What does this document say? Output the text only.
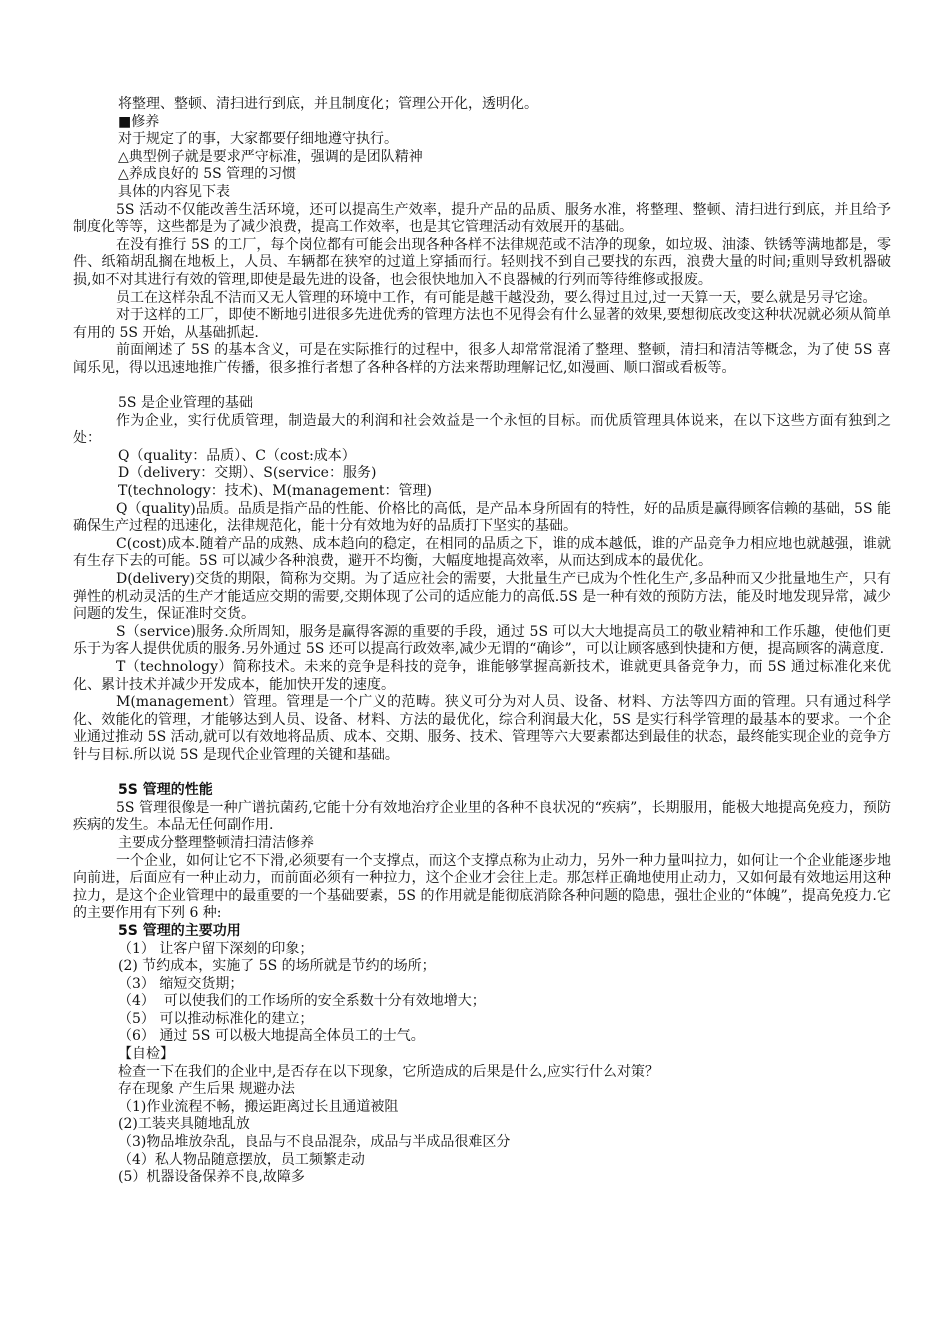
将整理、整顿、清扫进行到底，并且制度化；管理公开化，透明化。
■修养
对于规定了的事，大家都要仔细地遵守执行。
△典型例子就是要求严守标准，强调的是团队精神
△养成良好的 5S 管理的习惯
具体的内容见下表
5S 活动不仅能改善生活环境，还可以提高生产效率，提升产品的品质、服务水准，将整理、整顿、清扫进行到底，并且给予制度化等等，这些都是为了减少浪费，提高工作效率，也是其它管理活动有效展开的基础。
在没有推行 5S 的工厂，每个岗位都有可能会出现各种各样不法律规范或不洁净的现象，如垃圾、油漆、铁锈等满地都是，零件、纸箱胡乱搁在地板上，人员、车辆都在狭窄的过道上穿插而行。轻则找不到自己要找的东西，浪费大量的时间;重则导致机器破损,如不对其进行有效的管理,即使是最先进的设备，也会很快地加入不良器械的行列而等待维修或报废。
员工在这样杂乱不洁而又无人管理的环境中工作，有可能是越干越没劲，要么得过且过,过一天算一天，要么就是另寻它途。
对于这样的工厂，即使不断地引进很多先进优秀的管理方法也不见得会有什么显著的效果,要想彻底改变这种状况就必须从简单有用的 5S 开始，从基础抓起.
前面阐述了 5S 的基本含义，可是在实际推行的过程中，很多人却常常混淆了整理、整顿，清扫和清洁等概念，为了使 5S 喜闻乐见，得以迅速地推广传播，很多推行者想了各种各样的方法来帮助理解记忆,如漫画、顺口溜或看板等。
5S 是企业管理的基础
作为企业，实行优质管理，制造最大的利润和社会效益是一个永恒的目标。而优质管理具体说来，在以下这些方面有独到之处：
Q（quality：品质）、C（cost:成本）
D（delivery：交期）、S(service：服务)
T(technology：技术)、M(management：管理)
Q（quality)品质。品质是指产品的性能、价格比的高低，是产品本身所固有的特性，好的品质是赢得顾客信赖的基础，5S 能确保生产过程的迅速化，法律规范化，能十分有效地为好的品质打下坚实的基础。
C(cost)成本.随着产品的成熟、成本趋向的稳定，在相同的品质之下，谁的成本越低，谁的产品竞争力相应地也就越强，谁就有生存下去的可能。5S 可以减少各种浪费，避开不均衡，大幅度地提高效率，从而达到成本的最优化。
D(delivery)交货的期限，简称为交期。为了适应社会的需要，大批量生产已成为个性化生产,多品种而又少批量地生产，只有弹性的机动灵活的生产才能适应交期的需要,交期体现了公司的适应能力的高低.5S 是一种有效的预防方法，能及时地发现异常，减少问题的发生，保证准时交货。
S（service)服务.众所周知，服务是赢得客源的重要的手段，通过 5S 可以大大地提高员工的敬业精神和工作乐趣，使他们更乐于为客人提供优质的服务.另外通过 5S 还可以提高行政效率,减少无谓的“确诊”，可以让顾客感到快捷和方便，提高顾客的满意度.
T（technology）简称技术。未来的竞争是科技的竞争，谁能够掌握高新技术，谁就更具备竞争力，而 5S 通过标准化来优化、累计技术并减少开发成本，能加快开发的速度。
M(management）管理。管理是一个广义的范畴。狭义可分为对人员、设备、材料、方法等四方面的管理。只有通过科学化、效能化的管理，才能够达到人员、设备、材料、方法的最优化，综合利润最大化，5S 是实行科学管理的最基本的要求。一个企业通过推动 5S 活动,就可以有效地将品质、成本、交期、服务、技术、管理等六大要素都达到最佳的状态，最终能实现企业的竞争方针与目标.所以说 5S 是现代企业管理的关键和基础。
5S 管理的性能
5S 管理很像是一种广谱抗菌药,它能十分有效地治疗企业里的各种不良状况的“疾病”，长期服用，能极大地提高免疫力，预防疾病的发生。本品无任何副作用.
主要成分整理整顿清扫清洁修养
一个企业，如何让它不下滑,必须要有一个支撑点，而这个支撑点称为止动力，另外一种力量叫拉力，如何让一个企业能逐步地向前进，后面应有一种止动力，而前面必须有一种拉力，这个企业才会往上走。那怎样正确地使用止动力，又如何最有效地运用这种拉力，是这个企业管理中的最重要的一个基础要素，5S 的作用就是能彻底消除各种问题的隐患，强壮企业的“体魄”，提高免疫力.它的主要作用有下列 6 种:
5S 管理的主要功用
（1） 让客户留下深刻的印象；
(2) 节约成本，实施了 5S 的场所就是节约的场所；
（3） 缩短交货期；
（4）  可以使我们的工作场所的安全系数十分有效地增大；
（5） 可以推动标准化的建立；
（6） 通过 5S 可以极大地提高全体员工的士气。
【自检】
检查一下在我们的企业中,是否存在以下现象，它所造成的后果是什么,应实行什么对策？
存在现象 产生后果 规避办法
（1)作业流程不畅，搬运距离过长且通道被阻
(2)工装夹具随地乱放
（3)物品堆放杂乱，良品与不良品混杂，成品与半成品很难区分
（4）私人物品随意摆放，员工频繁走动
(5）机器设备保养不良,故障多
